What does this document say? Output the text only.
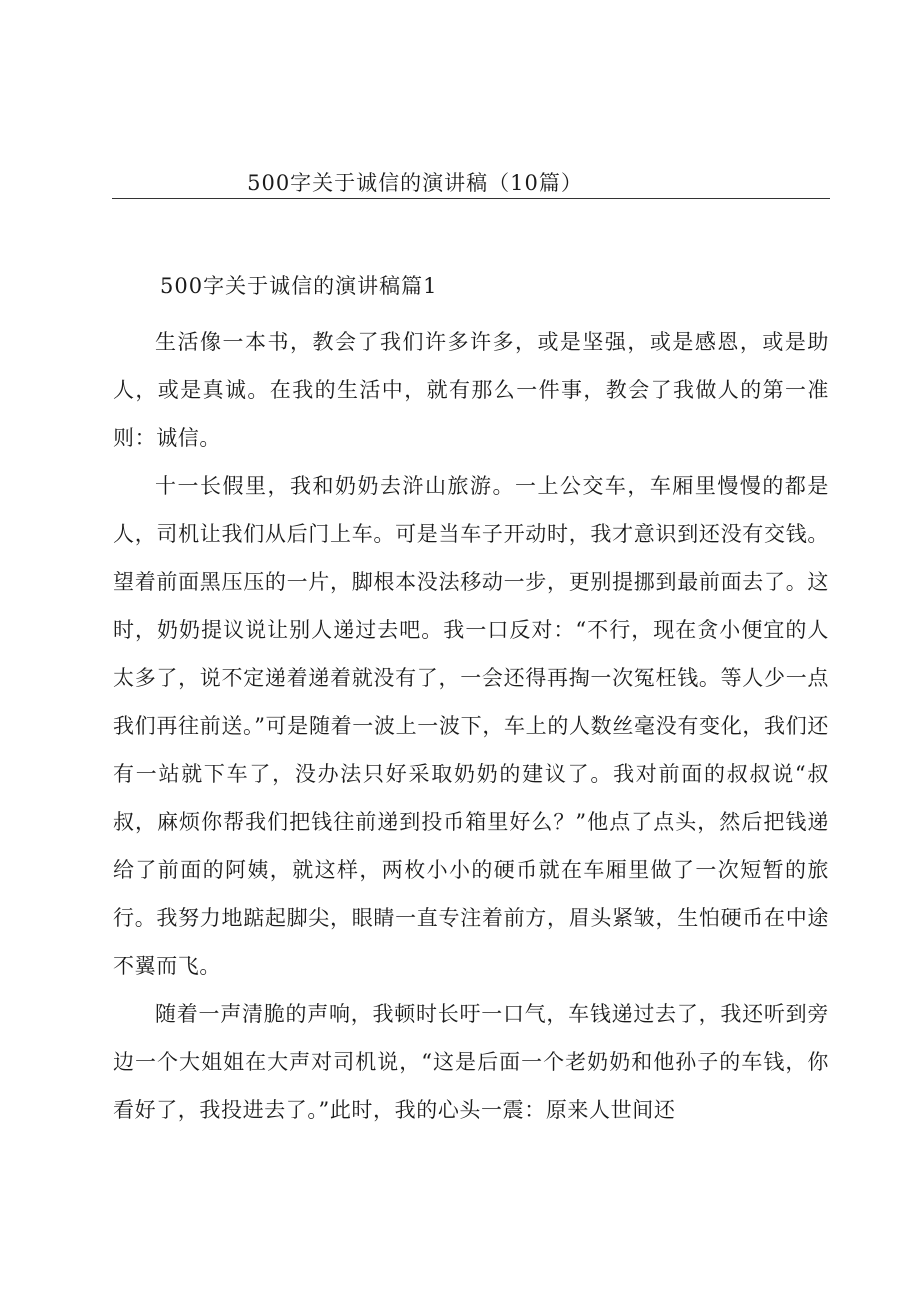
500字关于诚信的演讲稿（10篇）
500字关于诚信的演讲稿篇1

生活像一本书，教会了我们许多许多，或是坚强，或是感恩，或是助人，或是真诚。在我的生活中，就有那么一件事，教会了我做人的第一准则：诚信。

十一长假里，我和奶奶去浒山旅游。一上公交车，车厢里慢慢的都是人，司机让我们从后门上车。可是当车子开动时，我才意识到还没有交钱。望着前面黑压压的一片，脚根本没法移动一步，更别提挪到最前面去了。这时，奶奶提议说让别人递过去吧。我一口反对：“不行，现在贪小便宜的人太多了，说不定递着递着就没有了，一会还得再掏一次冤枉钱。等人少一点我们再往前送。”可是随着一波上一波下，车上的人数丝毫没有变化，我们还有一站就下车了，没办法只好采取奶奶的建议了。我对前面的叔叔说“叔叔，麻烦你帮我们把钱往前递到投币箱里好么？”他点了点头，然后把钱递给了前面的阿姨，就这样，两枚小小的硬币就在车厢里做了一次短暂的旅行。我努力地踮起脚尖，眼睛一直专注着前方，眉头紧皱，生怕硬币在中途不翼而飞。

随着一声清脆的声响，我顿时长吁一口气，车钱递过去了，我还听到旁边一个大姐姐在大声对司机说，“这是后面一个老奶奶和他孙子的车钱，你看好了，我投进去了。”此时，我的心头一震：原来人世间还
